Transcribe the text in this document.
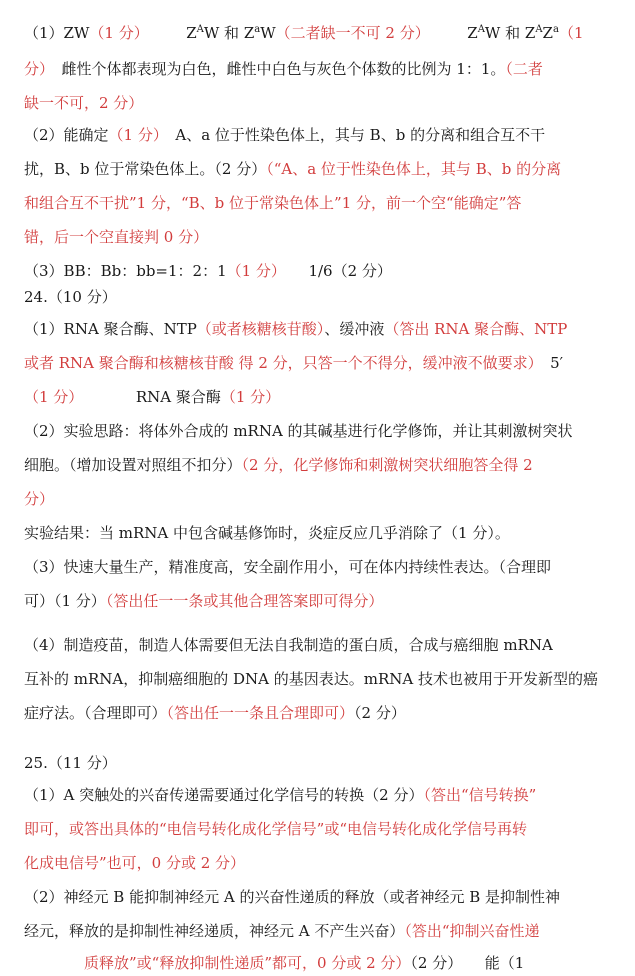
（1）ZW（1 分）　　　$Z^AW$ 和 $Z^aW$（二者缺一不可 2 分）　　　$Z^AW$ 和 $Z^AZ^a(1$
分）　雌性个体都表现为白色，雌性中白色与灰色个体数的比例为 1：1。（二者
缺一不可，2 分）
（2）能确定（1 分）　A、a 位于性染色体上，其与 B、b 的分离和组合互不干
扰，B、b 位于常染色体上。（2 分）（“A、a 位于性染色体上，其与 B、b 的分离
和组合互不干扰”1 分，“B、b 位于常染色体上”1 分，前一个空“能确定”答
错，后一个空直接判 0 分）
（3）BB：Bb：bb=1：2：1（1 分）　　1/6（2 分）
24.（10 分）
（1）RNA 聚合酶、NTP（或者核糖核苷酸）、缓冲液（答出 RNA 聚合酶、NTP
或者 RNA 聚合酶和核糖核苷酸 得 2 分，只答一个不得分，缓冲液不做要求）　5′
（1 分）　　　　RNA 聚合酶（1 分）
（2）实验思路：将体外合成的 mRNA 的其碱基进行化学修饰，并让其刺激树突状
细胞。（增加设置对照组不扣分）（2 分，化学修饰和刺激树突状细胞答全得 2
分）
实验结果：当 mRNA 中包含碱基修饰时，炎症反应几乎消除了（1 分）。
（3）快速大量生产，精准度高，安全副作用小，可在体内持续性表达。（合理即
可）（1 分）（答出任一一条或其他合理答案即可得分）
（4）制造疫苗，制造人体需要但无法自我制造的蛋白质，合成与癌细胞 mRNA
互补的 mRNA，抑制癌细胞的 DNA 的基因表达。mRNA 技术也被用于开发新型的癌
症疗法。（合理即可）（答出任一一条且合理即可）（2 分）
25.（11 分）
（1）A 突触处的兴奋传递需要通过化学信号的转换（2 分）（答出“信号转换”
即可，或答出具体的“电信号转化成化学信号”或“电信号转化成化学信号再转
化成电信号”也可，0 分或 2 分）
（2）神经元 B 能抑制神经元 A 的兴奋性递质的释放（或者神经元 B 是抑制性神
经元，释放的是抑制性神经递质，神经元 A 不产生兴奋）（答出“抑制兴奋性递
　　　　质释放”或“释放抑制性递质”都可，0 分或 2 分）（2 分）　　能（1
